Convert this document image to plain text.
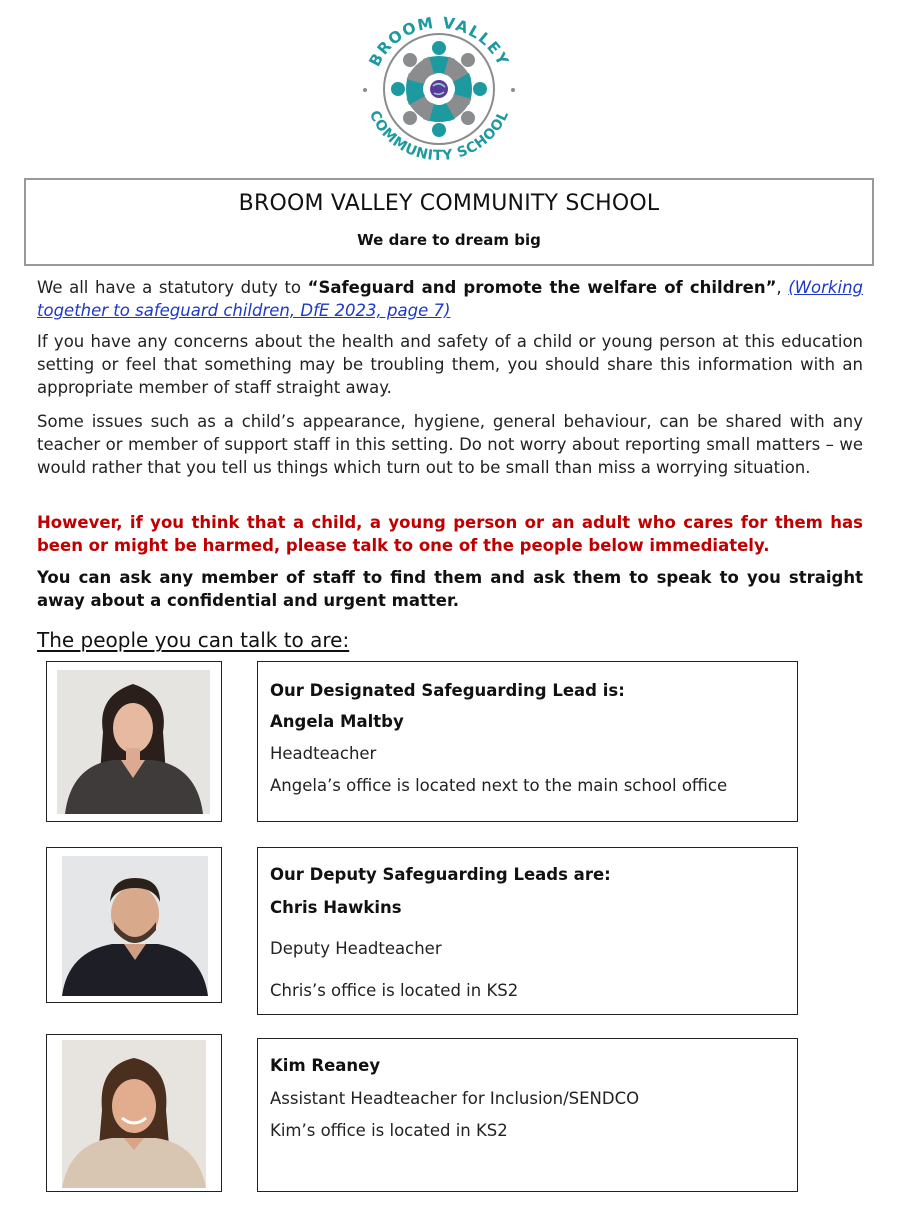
BROOM VALLEY
COMMUNITY SCHOOL
BROOM VALLEY COMMUNITY SCHOOL
We dare to dream big

We all have a statutory duty to “Safeguard and promote the welfare of children”, (Working together to safeguard children, DfE 2023, page 7)

If you have any concerns about the health and safety of a child or young person at this education setting or feel that something may be troubling them, you should share this information with an appropriate member of staff straight away.

Some issues such as a child’s appearance, hygiene, general behaviour, can be shared with any teacher or member of support staff in this setting. Do not worry about reporting small matters – we would rather that you tell us things which turn out to be small than miss a worrying situation.

However, if you think that a child, a young person or an adult who cares for them has been or might be harmed, please talk to one of the people below immediately.

You can ask any member of staff to find them and ask them to speak to you straight away about a confidential and urgent matter.

The people you can talk to are:
Our Designated Safeguarding Lead is:
Angela Maltby
Headteacher
Angela’s office is located next to the main school office
Our Deputy Safeguarding Leads are:
Chris Hawkins
Deputy Headteacher
Chris’s office is located in KS2
Kim Reaney
Assistant Headteacher for Inclusion/SENDCO
Kim’s office is located in KS2
